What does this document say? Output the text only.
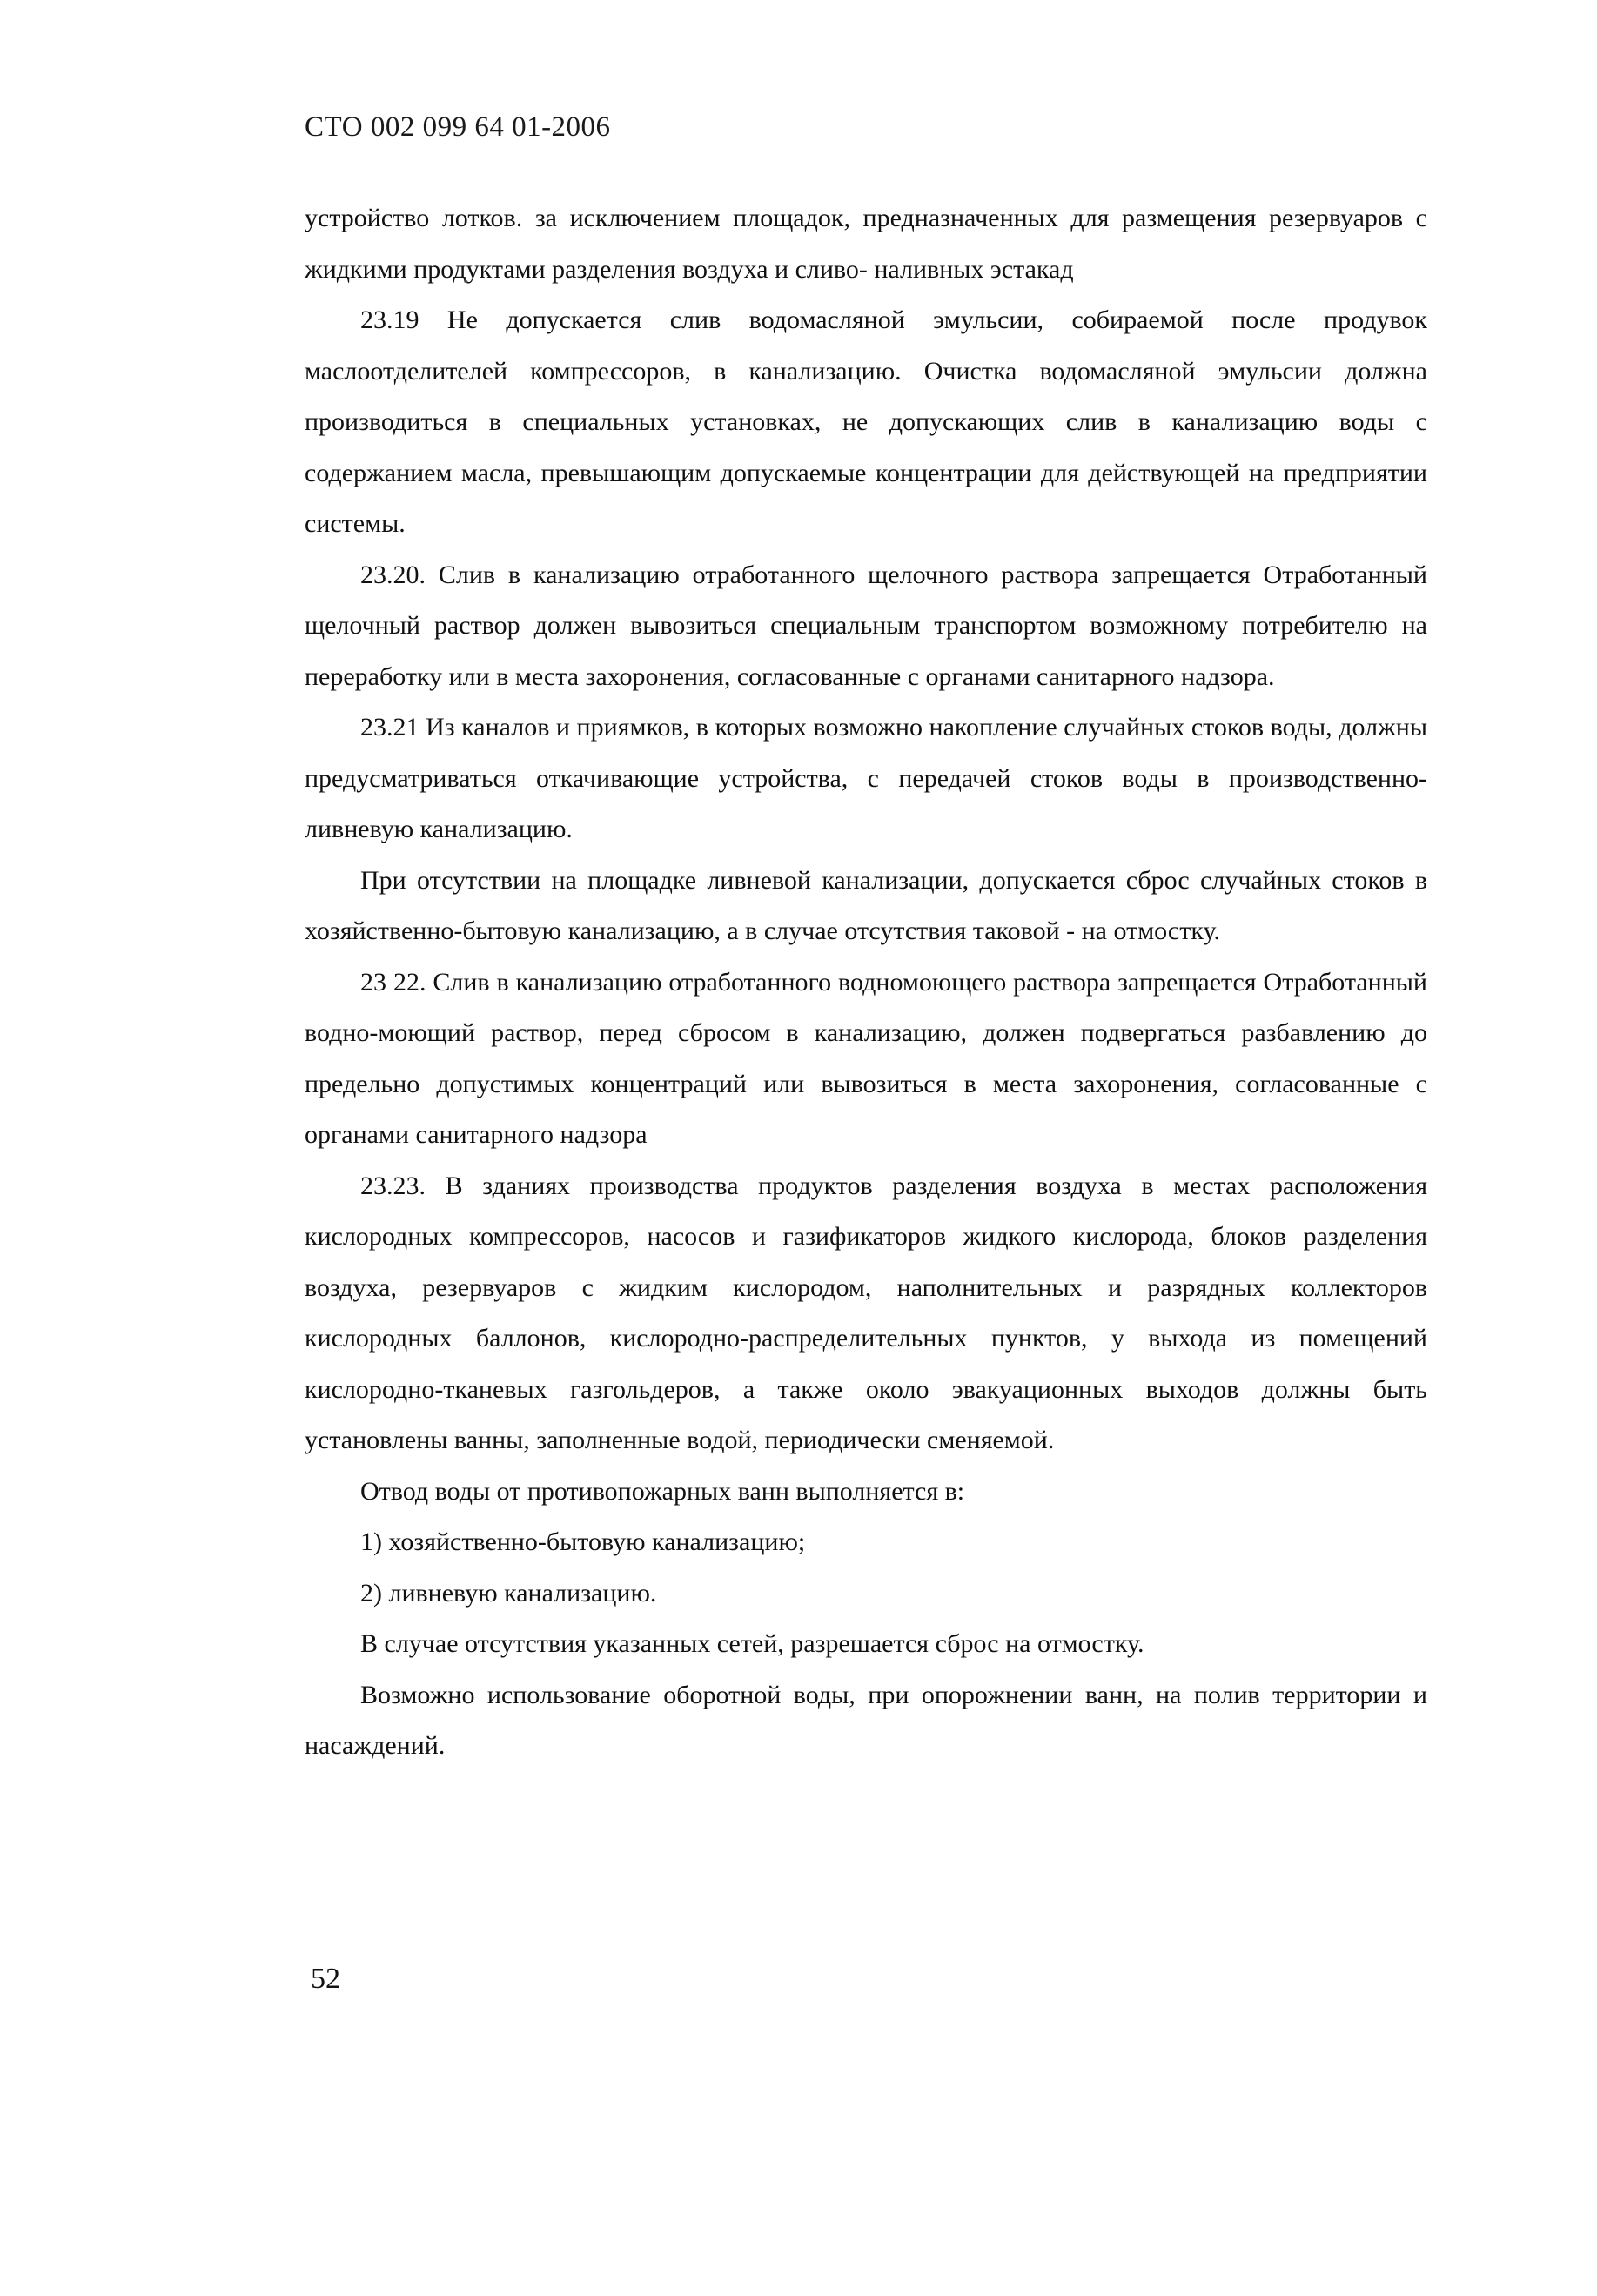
СТО 002 099 64 01-2006

устройство лотков. за исключением площадок, предназначенных для размещения резервуаров с жидкими продуктами разделения воздуха и сливо- наливных эстакад

23.19 Не допускается слив водомасляной эмульсии, собираемой после продувок маслоотделителей компрессоров, в канализацию. Очистка водомасляной эмульсии должна производиться в специальных установках, не допускающих слив в канализацию воды с содержанием масла, превышающим допускаемые концентрации для действующей на предприятии системы.

23.20. Слив в канализацию отработанного щелочного раствора запрещается Отработанный щелочный раствор должен вывозиться специальным транспортом возможному потребителю на переработку или в места захоронения, согласованные с органами санитарного надзора.

23.21 Из каналов и приямков, в которых возможно накопление случайных стоков воды, должны предусматриваться откачивающие устройства, с передачей стоков воды в производственно-ливневую канализацию.

При отсутствии на площадке ливневой канализации, допускается сброс случайных стоков в хозяйственно-бытовую канализацию, а в случае отсутствия таковой - на отмостку.

23 22. Слив в канализацию отработанного водномоющего раствора запрещается Отработанный водно-моющий раствор, перед сбросом в канализацию, должен подвергаться разбавлению до предельно допустимых концентраций или вывозиться в места захоронения, согласованные с органами санитарного надзора

23.23. В зданиях производства продуктов разделения воздуха в местах расположения кислородных компрессоров, насосов и газификаторов жидкого кислорода, блоков разделения воздуха, резервуаров с жидким кислородом, наполнительных и разрядных коллекторов кислородных баллонов, кислородно-распределительных пунктов, у выхода из помещений кислородно-тканевых газгольдеров, а также около эвакуационных выходов должны быть установлены ванны, заполненные водой, периодически сменяемой.

Отвод воды от противопожарных ванн выполняется в:

1) хозяйственно-бытовую канализацию;

2) ливневую канализацию.

В случае отсутствия указанных сетей, разрешается сброс на отмостку.

Возможно использование оборотной воды, при опорожнении ванн, на полив территории и насаждений.

52
